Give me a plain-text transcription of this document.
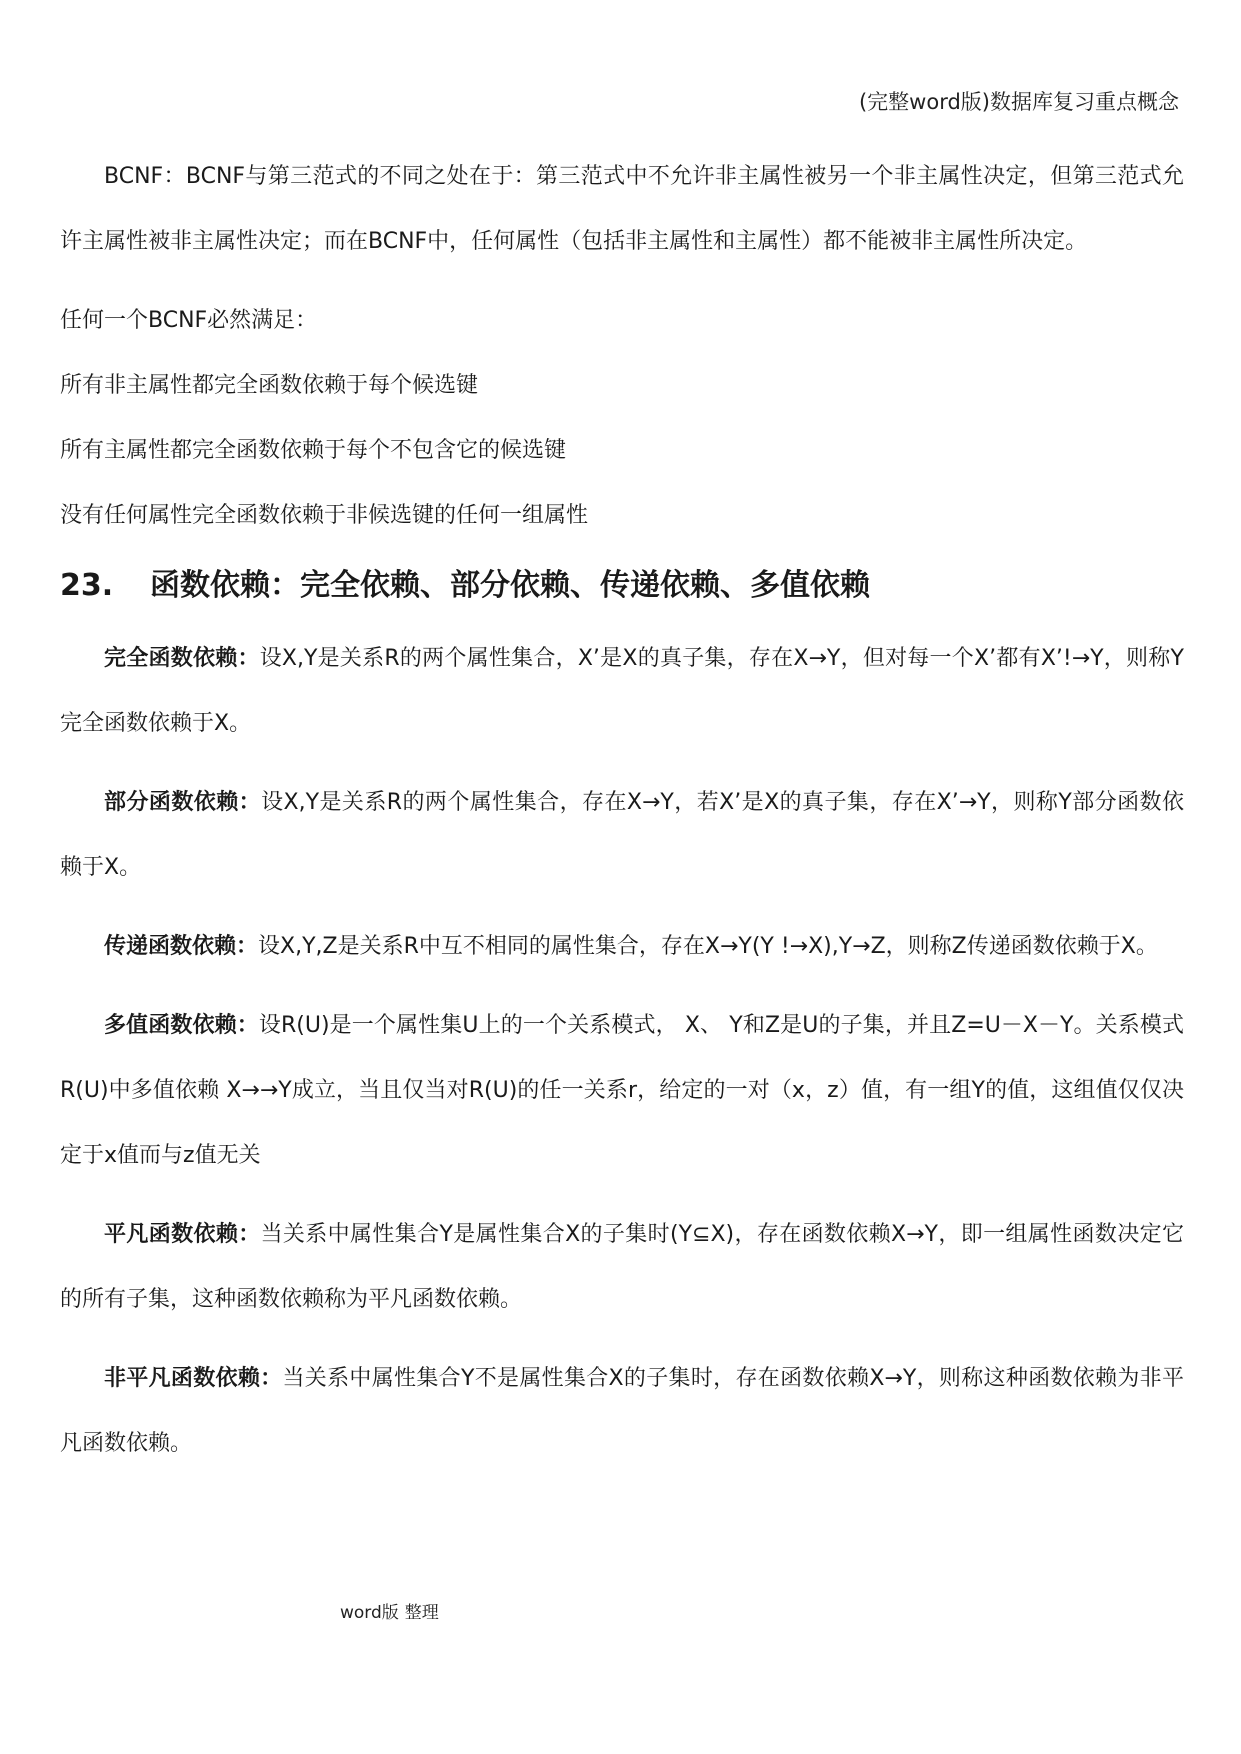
(完整word版)数据库复习重点概念

BCNF：BCNF与第三范式的不同之处在于：第三范式中不允许非主属性被另一个非主属性决定，但第三范式允许主属性被非主属性决定；而在BCNF中，任何属性（包括非主属性和主属性）都不能被非主属性所决定。

任何一个BCNF必然满足：
所有非主属性都完全函数依赖于每个候选键
所有主属性都完全函数依赖于每个不包含它的候选键
没有任何属性完全函数依赖于非候选键的任何一组属性
23. 函数依赖：完全依赖、部分依赖、传递依赖、多值依赖

完全函数依赖：设X,Y是关系R的两个属性集合，X’是X的真子集，存在X→Y，但对每一个X’都有X’!→Y，则称Y完全函数依赖于X。

部分函数依赖：设X,Y是关系R的两个属性集合，存在X→Y，若X’是X的真子集，存在X’→Y，则称Y部分函数依赖于X。

传递函数依赖：设X,Y,Z是关系R中互不相同的属性集合，存在X→Y(Y !→X),Y→Z，则称Z传递函数依赖于X。

多值函数依赖：设R(U)是一个属性集U上的一个关系模式， X、 Y和Z是U的子集，并且Z=U－X－Y。关系模式R(U)中多值依赖 X→→Y成立，当且仅当对R(U)的任一关系r，给定的一对（x，z）值，有一组Y的值，这组值仅仅决定于x值而与z值无关

平凡函数依赖：当关系中属性集合Y是属性集合X的子集时(Y⊆X)，存在函数依赖X→Y，即一组属性函数决定它的所有子集，这种函数依赖称为平凡函数依赖。

非平凡函数依赖：当关系中属性集合Y不是属性集合X的子集时，存在函数依赖X→Y，则称这种函数依赖为非平凡函数依赖。

word版 整理
